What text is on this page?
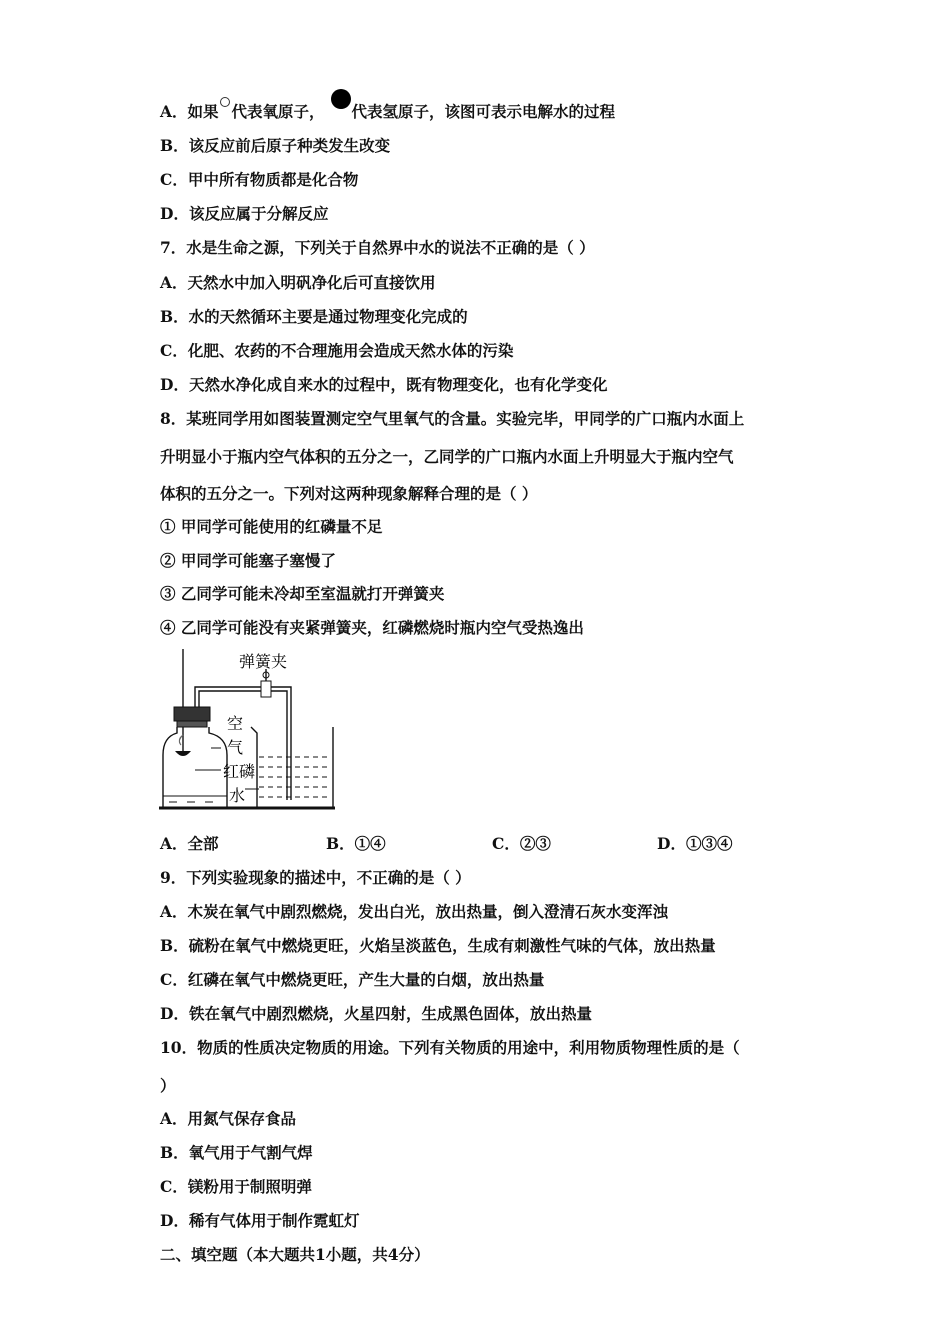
A．如果 代表氧原子， 代表氢原子，该图可表示电解水的过程
B．该反应前后原子种类发生改变
C．甲中所有物质都是化合物
D．该反应属于分解反应
7．水是生命之源，下列关于自然界中水的说法不正确的是（ ）
A．天然水中加入明矾净化后可直接饮用
B．水的天然循环主要是通过物理变化完成的
C．化肥、农药的不合理施用会造成天然水体的污染
D．天然水净化成自来水的过程中，既有物理变化，也有化学变化
8．某班同学用如图装置测定空气里氧气的含量。实验完毕，甲同学的广口瓶内水面上
升明显小于瓶内空气体积的五分之一，乙同学的广口瓶内水面上升明显大于瓶内空气
体积的五分之一。下列对这两种现象解释合理的是（ ）
① 甲同学可能使用的红磷量不足
② 甲同学可能塞子塞慢了
③ 乙同学可能未冷却至室温就打开弹簧夹
④ 乙同学可能没有夹紧弹簧夹，红磷燃烧时瓶内空气受热逸出
弹簧夹
空
气
红磷
水
A．全部	B．①④	C．②③	D．①③④
9．下列实验现象的描述中，不正确的是（ ）
A．木炭在氧气中剧烈燃烧，发出白光，放出热量，倒入澄清石灰水变浑浊
B．硫粉在氧气中燃烧更旺，火焰呈淡蓝色，生成有刺激性气味的气体，放出热量
C．红磷在氧气中燃烧更旺，产生大量的白烟，放出热量
D．铁在氧气中剧烈燃烧，火星四射，生成黑色固体，放出热量
10．物质的性质决定物质的用途。下列有关物质的用途中，利用物质物理性质的是（
）
A．用氮气保存食品
B．氧气用于气割气焊
C．镁粉用于制照明弹
D．稀有气体用于制作霓虹灯
二、填空题（本大题共1小题，共4分）
